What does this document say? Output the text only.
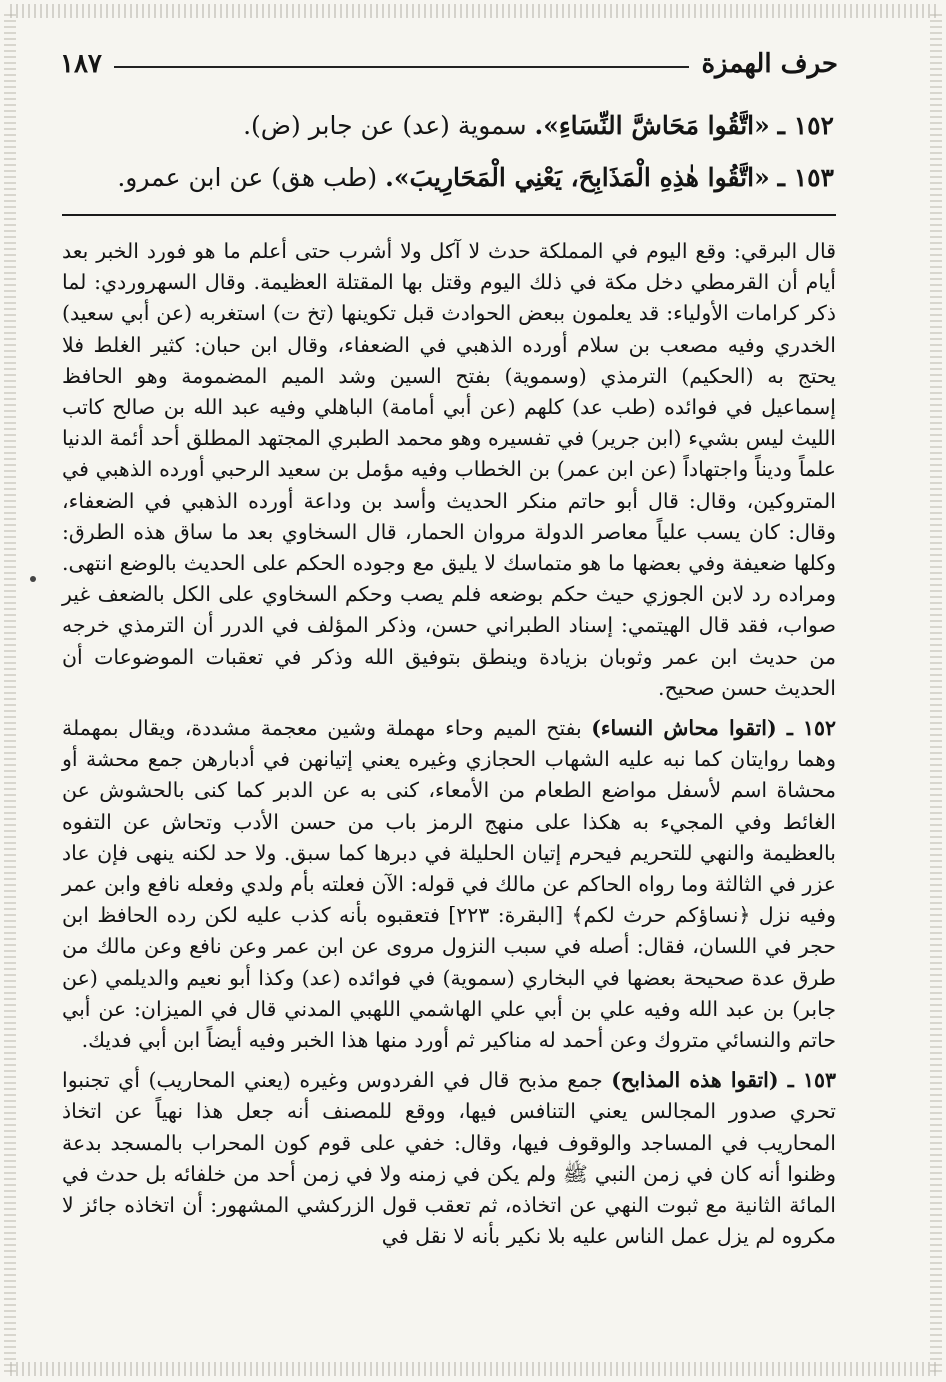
حرف الهمزة
١٨٧
١٥٢ ـ «اتَّقُوا مَحَاشَّ النِّسَاءِ». سموية (عد) عن جابر (ض).
١٥٣ ـ «اتَّقُوا هٰذِهِ الْمَذَابِحَ، يَعْنِي الْمَحَارِيبَ». (طب هق) عن ابن عمرو.

قال البرقي: وقع اليوم في المملكة حدث لا آكل ولا أشرب حتى أعلم ما هو فورد الخبر بعد أيام أن القرمطي دخل مكة في ذلك اليوم وقتل بها المقتلة العظيمة. وقال السهروردي: لما ذكر كرامات الأولياء: قد يعلمون ببعض الحوادث قبل تكوينها (تخ ت) استغربه (عن أبي سعيد) الخدري وفيه مصعب بن سلام أورده الذهبي في الضعفاء، وقال ابن حبان: كثير الغلط فلا يحتج به (الحكيم) الترمذي (وسموية) بفتح السين وشد الميم المضمومة وهو الحافظ إسماعيل في فوائده (طب عد) كلهم (عن أبي أمامة) الباهلي وفيه عبد الله بن صالح كاتب الليث ليس بشيء (ابن جرير) في تفسيره وهو محمد الطبري المجتهد المطلق أحد أئمة الدنيا علماً وديناً واجتهاداً (عن ابن عمر) بن الخطاب وفيه مؤمل بن سعيد الرحبي أورده الذهبي في المتروكين، وقال: قال أبو حاتم منكر الحديث وأسد بن وداعة أورده الذهبي في الضعفاء، وقال: كان يسب علياً معاصر الدولة مروان الحمار، قال السخاوي بعد ما ساق هذه الطرق: وكلها ضعيفة وفي بعضها ما هو متماسك لا يليق مع وجوده الحكم على الحديث بالوضع انتهى. ومراده رد لابن الجوزي حيث حكم بوضعه فلم يصب وحكم السخاوي على الكل بالضعف غير صواب، فقد قال الهيتمي: إسناد الطبراني حسن، وذكر المؤلف في الدرر أن الترمذي خرجه من حديث ابن عمر وثوبان بزيادة وينطق بتوفيق الله وذكر في تعقبات الموضوعات أن الحديث حسن صحيح.

١٥٢ ـ (اتقوا محاش النساء) بفتح الميم وحاء مهملة وشين معجمة مشددة، ويقال بمهملة وهما روايتان كما نبه عليه الشهاب الحجازي وغيره يعني إتيانهن في أدبارهن جمع محشة أو محشاة اسم لأسفل مواضع الطعام من الأمعاء، كنى به عن الدبر كما كنى بالحشوش عن الغائط وفي المجيء به هكذا على منهج الرمز باب من حسن الأدب وتحاش عن التفوه بالعظيمة والنهي للتحريم فيحرم إتيان الحليلة في دبرها كما سبق. ولا حد لكنه ينهى فإن عاد عزر في الثالثة وما رواه الحاكم عن مالك في قوله: الآن فعلته بأم ولدي وفعله نافع وابن عمر وفيه نزل ﴿نساؤكم حرث لكم﴾ [البقرة: ٢٢٣] فتعقبوه بأنه كذب عليه لكن رده الحافظ ابن حجر في اللسان، فقال: أصله في سبب النزول مروى عن ابن عمر وعن نافع وعن مالك من طرق عدة صحيحة بعضها في البخاري (سموية) في فوائده (عد) وكذا أبو نعيم والديلمي (عن جابر) بن عبد الله وفيه علي بن أبي علي الهاشمي اللهبي المدني قال في الميزان: عن أبي حاتم والنسائي متروك وعن أحمد له مناكير ثم أورد منها هذا الخبر وفيه أيضاً ابن أبي فديك.

١٥٣ ـ (اتقوا هذه المذابح) جمع مذبح قال في الفردوس وغيره (يعني المحاريب) أي تجنبوا تحري صدور المجالس يعني التنافس فيها، ووقع للمصنف أنه جعل هذا نهياً عن اتخاذ المحاريب في المساجد والوقوف فيها، وقال: خفي على قوم كون المحراب بالمسجد بدعة وظنوا أنه كان في زمن النبي ﷺ ولم يكن في زمنه ولا في زمن أحد من خلفائه بل حدث في المائة الثانية مع ثبوت النهي عن اتخاذه، ثم تعقب قول الزركشي المشهور: أن اتخاذه جائز لا مكروه لم يزل عمل الناس عليه بلا نكير بأنه لا نقل في
